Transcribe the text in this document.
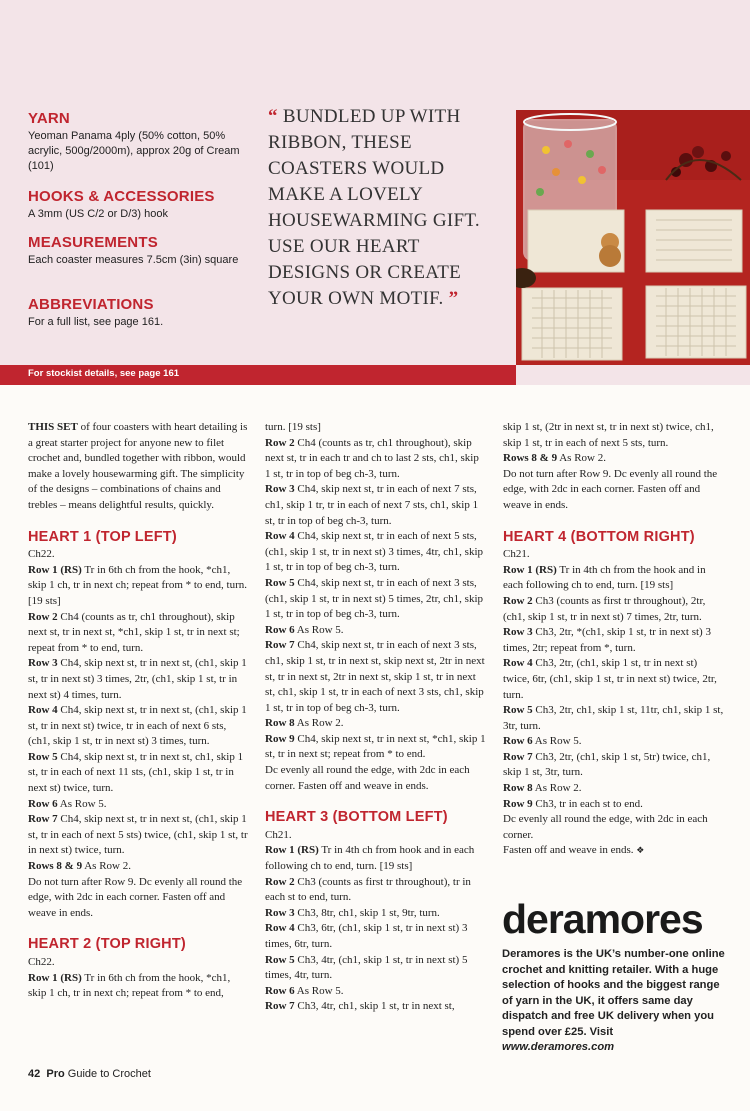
YARN

Yeoman Panama 4ply (50% cotton, 50% acrylic, 500g/2000m), approx 20g of Cream (101)

HOOKS & ACCESSORIES

A 3mm (US C/2 or D/3) hook

MEASUREMENTS

Each coaster measures 7.5cm (3in) square

ABBREVIATIONS

For a full list, see page 161.

“ BUNDLED UP WITH RIBBON, THESE COASTERS WOULD MAKE A LOVELY HOUSEWARMING GIFT. USE OUR HEART DESIGNS OR CREATE YOUR OWN MOTIF. ”
For stockist details, see page 161

THIS SET of four coasters with heart detailing is a great starter project for anyone new to filet crochet and, bundled together with ribbon, would make a lovely housewarming gift. The simplicity of the designs – combinations of chains and trebles – means delightful results, quickly.

HEART 1 (TOP LEFT)

Ch22.

Row 1 (RS) Tr in 6th ch from the hook, *ch1, skip 1 ch, tr in next ch; repeat from * to end, turn. [19 sts]

Row 2 Ch4 (counts as tr, ch1 throughout), skip next st, tr in next st, *ch1, skip 1 st, tr in next st; repeat from * to end, turn.

Row 3 Ch4, skip next st, tr in next st, (ch1, skip 1 st, tr in next st) 3 times, 2tr, (ch1, skip 1 st, tr in next st) 4 times, turn.

Row 4 Ch4, skip next st, tr in next st, (ch1, skip 1 st, tr in next st) twice, tr in each of next 6 sts, (ch1, skip 1 st, tr in next st) 3 times, turn.

Row 5 Ch4, skip next st, tr in next st, ch1, skip 1 st, tr in each of next 11 sts, (ch1, skip 1 st, tr in next st) twice, turn.

Row 6 As Row 5.

Row 7 Ch4, skip next st, tr in next st, (ch1, skip 1 st, tr in each of next 5 sts) twice, (ch1, skip 1 st, tr in next st) twice, turn.

Rows 8 & 9 As Row 2.

Do not turn after Row 9. Dc evenly all round the edge, with 2dc in each corner. Fasten off and weave in ends.

HEART 2 (TOP RIGHT)

Ch22.

Row 1 (RS) Tr in 6th ch from the hook, *ch1, skip 1 ch, tr in next ch; repeat from * to end,

turn. [19 sts]

Row 2 Ch4 (counts as tr, ch1 throughout), skip next st, tr in each tr and ch to last 2 sts, ch1, skip 1 st, tr in top of beg ch-3, turn.

Row 3 Ch4, skip next st, tr in each of next 7 sts, ch1, skip 1 tr, tr in each of next 7 sts, ch1, skip 1 st, tr in top of beg ch-3, turn.

Row 4 Ch4, skip next st, tr in each of next 5 sts, (ch1, skip 1 st, tr in next st) 3 times, 4tr, ch1, skip 1 st, tr in top of beg ch-3, turn.

Row 5 Ch4, skip next st, tr in each of next 3 sts, (ch1, skip 1 st, tr in next st) 5 times, 2tr, ch1, skip 1 st, tr in top of beg ch-3, turn.

Row 6 As Row 5.

Row 7 Ch4, skip next st, tr in each of next 3 sts, ch1, skip 1 st, tr in next st, skip next st, 2tr in next st, tr in next st, 2tr in next st, skip 1 st, tr in next st, ch1, skip 1 st, tr in each of next 3 sts, ch1, skip 1 st, tr in top of beg ch-3, turn.

Row 8 As Row 2.

Row 9 Ch4, skip next st, tr in next st, *ch1, skip 1 st, tr in next st; repeat from * to end.

Dc evenly all round the edge, with 2dc in each corner. Fasten off and weave in ends.

HEART 3 (BOTTOM LEFT)

Ch21.

Row 1 (RS) Tr in 4th ch from hook and in each following ch to end, turn. [19 sts]

Row 2 Ch3 (counts as first tr throughout), tr in each st to end, turn.

Row 3 Ch3, 8tr, ch1, skip 1 st, 9tr, turn.

Row 4 Ch3, 6tr, (ch1, skip 1 st, tr in next st) 3 times, 6tr, turn.

Row 5 Ch3, 4tr, (ch1, skip 1 st, tr in next st) 5 times, 4tr, turn.

Row 6 As Row 5.

Row 7 Ch3, 4tr, ch1, skip 1 st, tr in next st,

skip 1 st, (2tr in next st, tr in next st) twice, ch1, skip 1 st, tr in each of next 5 sts, turn.

Rows 8 & 9 As Row 2.

Do not turn after Row 9. Dc evenly all round the edge, with 2dc in each corner. Fasten off and weave in ends.

HEART 4 (BOTTOM RIGHT)

Ch21.

Row 1 (RS) Tr in 4th ch from the hook and in each following ch to end, turn. [19 sts]

Row 2 Ch3 (counts as first tr throughout), 2tr, (ch1, skip 1 st, tr in next st) 7 times, 2tr, turn.

Row 3 Ch3, 2tr, *(ch1, skip 1 st, tr in next st) 3 times, 2tr; repeat from *, turn.

Row 4 Ch3, 2tr, (ch1, skip 1 st, tr in next st) twice, 6tr, (ch1, skip 1 st, tr in next st) twice, 2tr, turn.

Row 5 Ch3, 2tr, ch1, skip 1 st, 11tr, ch1, skip 1 st, 3tr, turn.

Row 6 As Row 5.

Row 7 Ch3, 2tr, (ch1, skip 1 st, 5tr) twice, ch1, skip 1 st, 3tr, turn.

Row 8 As Row 2.

Row 9 Ch3, tr in each st to end.

Dc evenly all round the edge, with 2dc in each corner.

Fasten off and weave in ends. ❖

deramores
Deramores is the UK’s number-one online crochet and knitting retailer. With a huge selection of hooks and the biggest range of yarn in the UK, it offers same day dispatch and free UK delivery when you spend over £25. Visit www.deramores.com
42 Pro Guide to Crochet
